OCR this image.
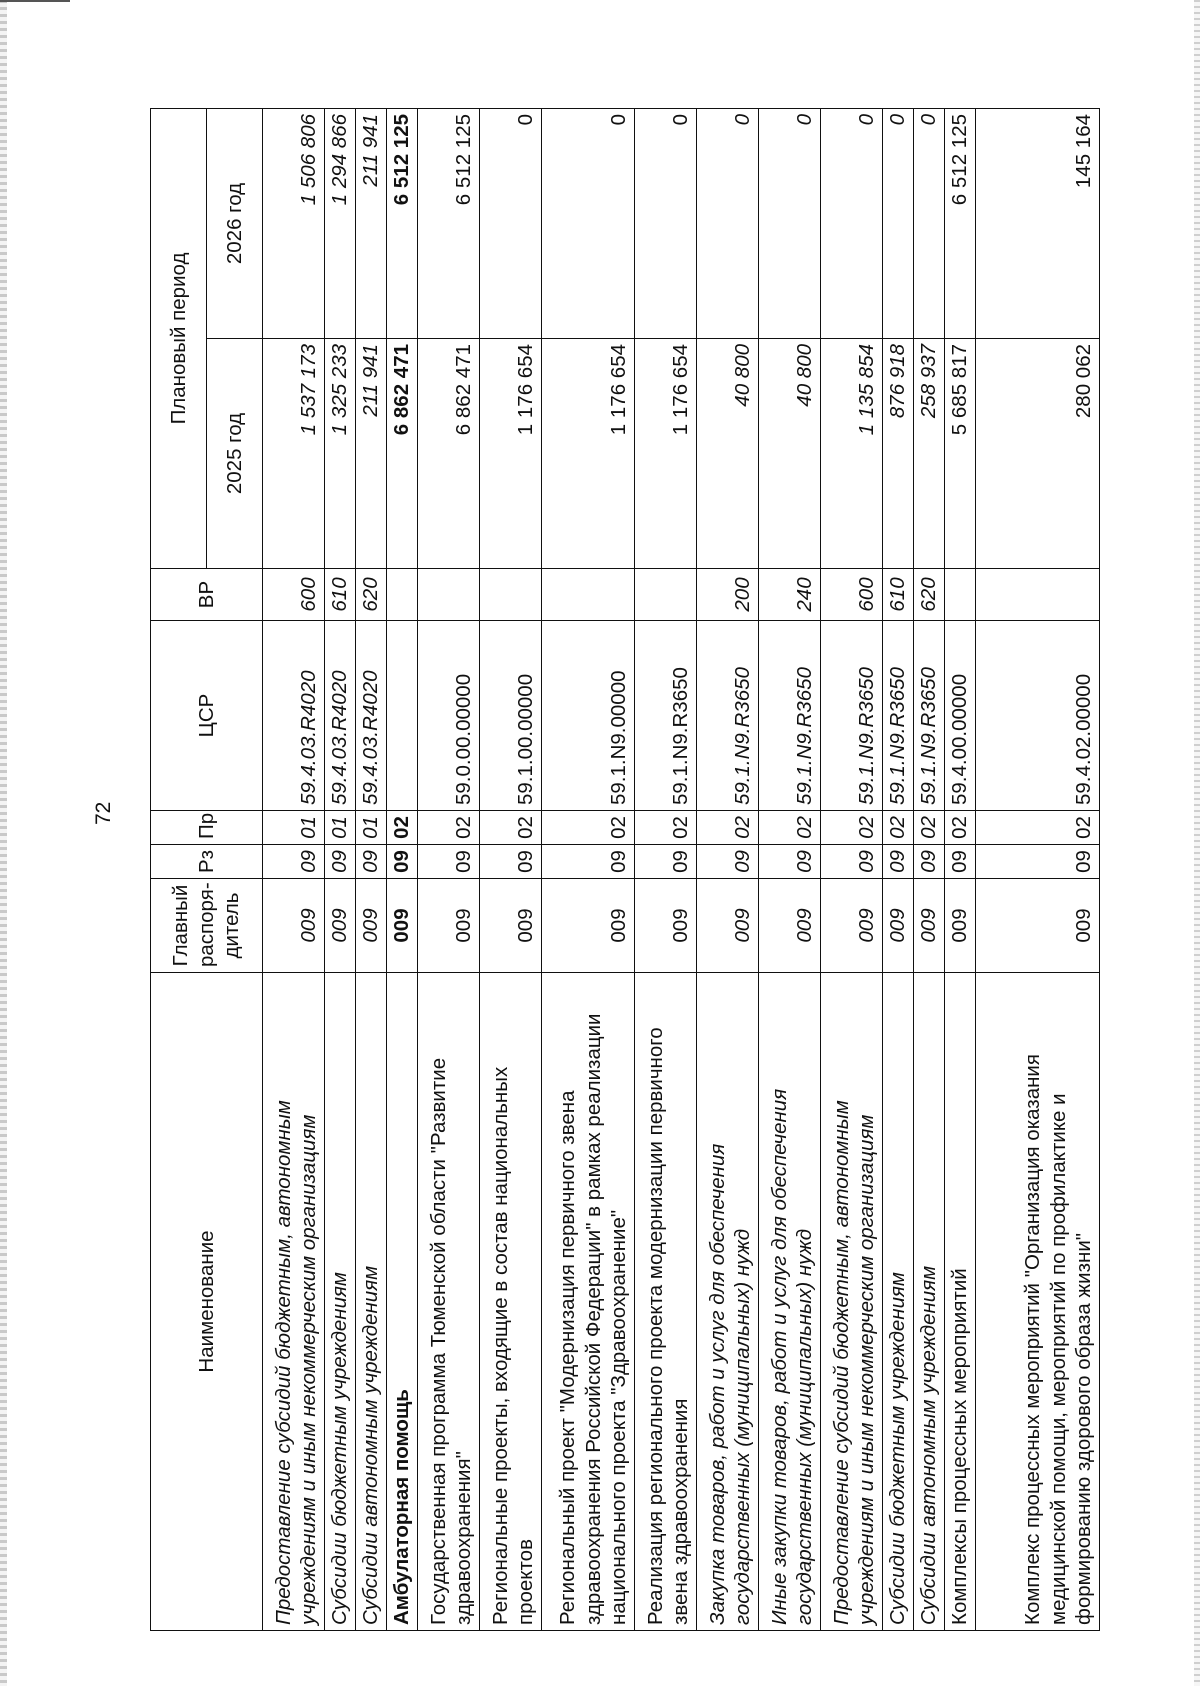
72
Наименование	Главный распоря-дитель	Рз	Пр	ЦСР	ВР	Плановый период	
						2025 год	2026 год
Предоставление субсидий бюджетным, автономным учреждениям и иным некоммерческим организациям	009	09	01	59.4.03.R4020	600	1 537 173	1 506 806
Субсидии бюджетным учреждениям	009	09	01	59.4.03.R4020	610	1 325 233	1 294 866
Субсидии автономным учреждениям	009	09	01	59.4.03.R4020	620	211 941	211 941
Амбулаторная помощь	009	09	02			6 862 471	6 512 125
Государственная программа Тюменской области "Развитие здравоохранения"	009	09	02	59.0.00.00000		6 862 471	6 512 125
Региональные проекты, входящие в состав национальных проектов	009	09	02	59.1.00.00000		1 176 654	0
Региональный проект "Модернизация первичного звена здравоохранения Российской Федерации" в рамках реализации национального проекта "Здравоохранение"	009	09	02	59.1.N9.00000		1 176 654	0
Реализация регионального проекта модернизации первичного звена здравоохранения	009	09	02	59.1.N9.R3650		1 176 654	0
Закупка товаров, работ и услуг для обеспечения государственных (муниципальных) нужд	009	09	02	59.1.N9.R3650	200	40 800	0
Иные закупки товаров, работ и услуг для обеспечения государственных (муниципальных) нужд	009	09	02	59.1.N9.R3650	240	40 800	0
Предоставление субсидий бюджетным, автономным учреждениям и иным некоммерческим организациям	009	09	02	59.1.N9.R3650	600	1 135 854	0
Субсидии бюджетным учреждениям	009	09	02	59.1.N9.R3650	610	876 918	0
Субсидии автономным учреждениям	009	09	02	59.1.N9.R3650	620	258 937	0
Комплексы процессных мероприятий	009	09	02	59.4.00.00000		5 685 817	6 512 125
Комплекс процессных мероприятий "Организация оказания медицинской помощи, мероприятий по профилактике и формированию здорового образа жизни"	009	09	02	59.4.02.00000		280 062	145 164
